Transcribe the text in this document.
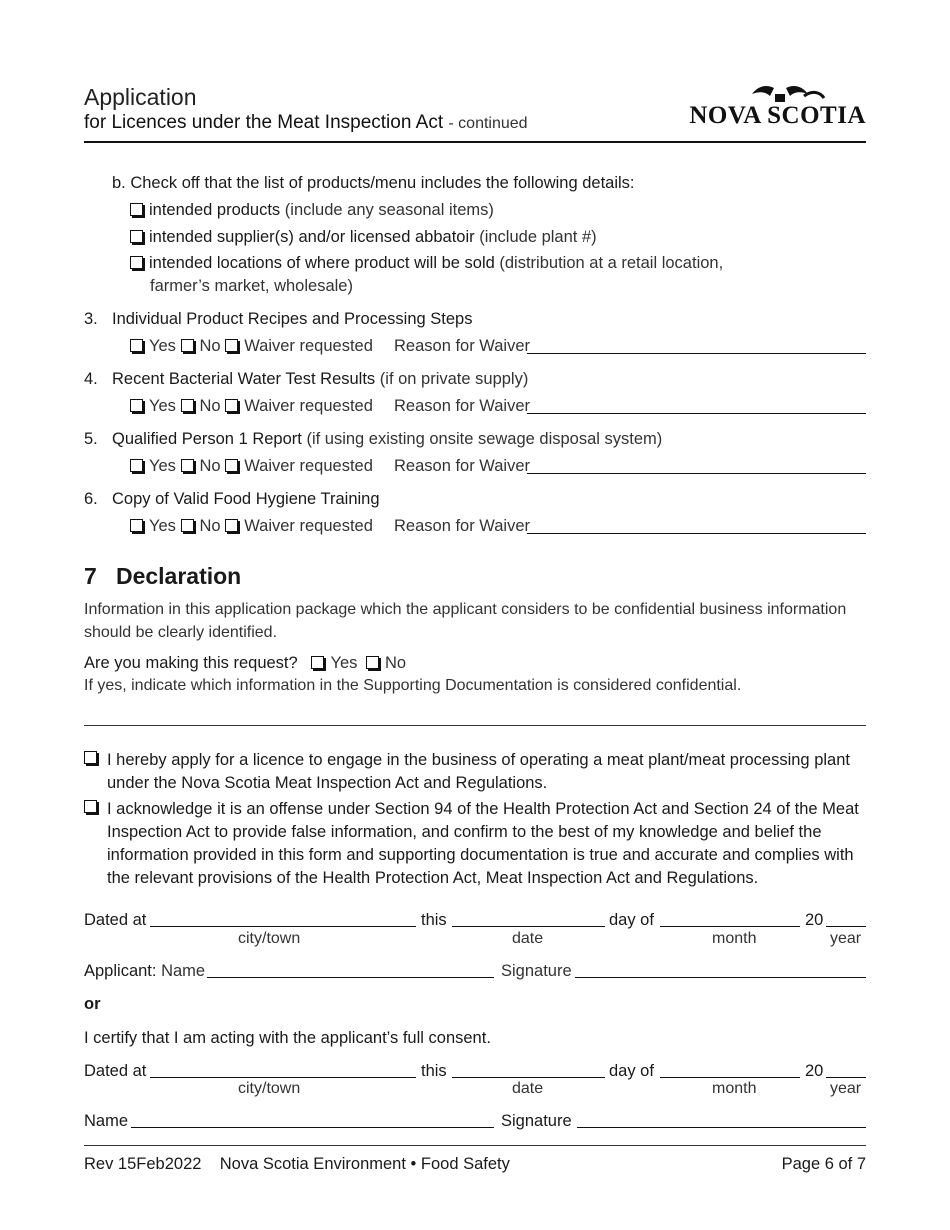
Application
for Licences under the Meat Inspection Act - continued	NOVA SCOTIA
b. Check off that the list of products/menu includes the following details:
intended products (include any seasonal items)
intended supplier(s) and/or licensed abbatoir (include plant #)
intended locations of where product will be sold (distribution at a retail location,
farmer’s market, wholesale)
3. Individual Product Recipes and Processing Steps
Yes No Waiver requested Reason for Waiver
4. Recent Bacterial Water Test Results (if on private supply)
Yes No Waiver requested Reason for Waiver
5. Qualified Person 1 Report (if using existing onsite sewage disposal system)
Yes No Waiver requested Reason for Waiver
6. Copy of Valid Food Hygiene Training
Yes No Waiver requested Reason for Waiver
7 Declaration
Information in this application package which the applicant considers to be confidential business information should be clearly identified.
Are you making this request? Yes No
If yes, indicate which information in the Supporting Documentation is considered confidential.
I hereby apply for a licence to engage in the business of operating a meat plant/meat processing plant under the Nova Scotia Meat Inspection Act and Regulations.
I acknowledge it is an offense under Section 94 of the Health Protection Act and Section 24 of the Meat Inspection Act to provide false information, and confirm to the best of my knowledge and belief the information provided in this form and supporting documentation is true and accurate and complies with the relevant provisions of the Health Protection Act, Meat Inspection Act and Regulations.
Dated at	this	day of	20
city/town	date	month	year
Applicant: Name	Signature
or
I certify that I am acting with the applicant’s full consent.
Dated at	this	day of	20
city/town	date	month	year
Name	Signature
Rev 15Feb2022 Nova Scotia Environment • Food Safety	Page 6 of 7
